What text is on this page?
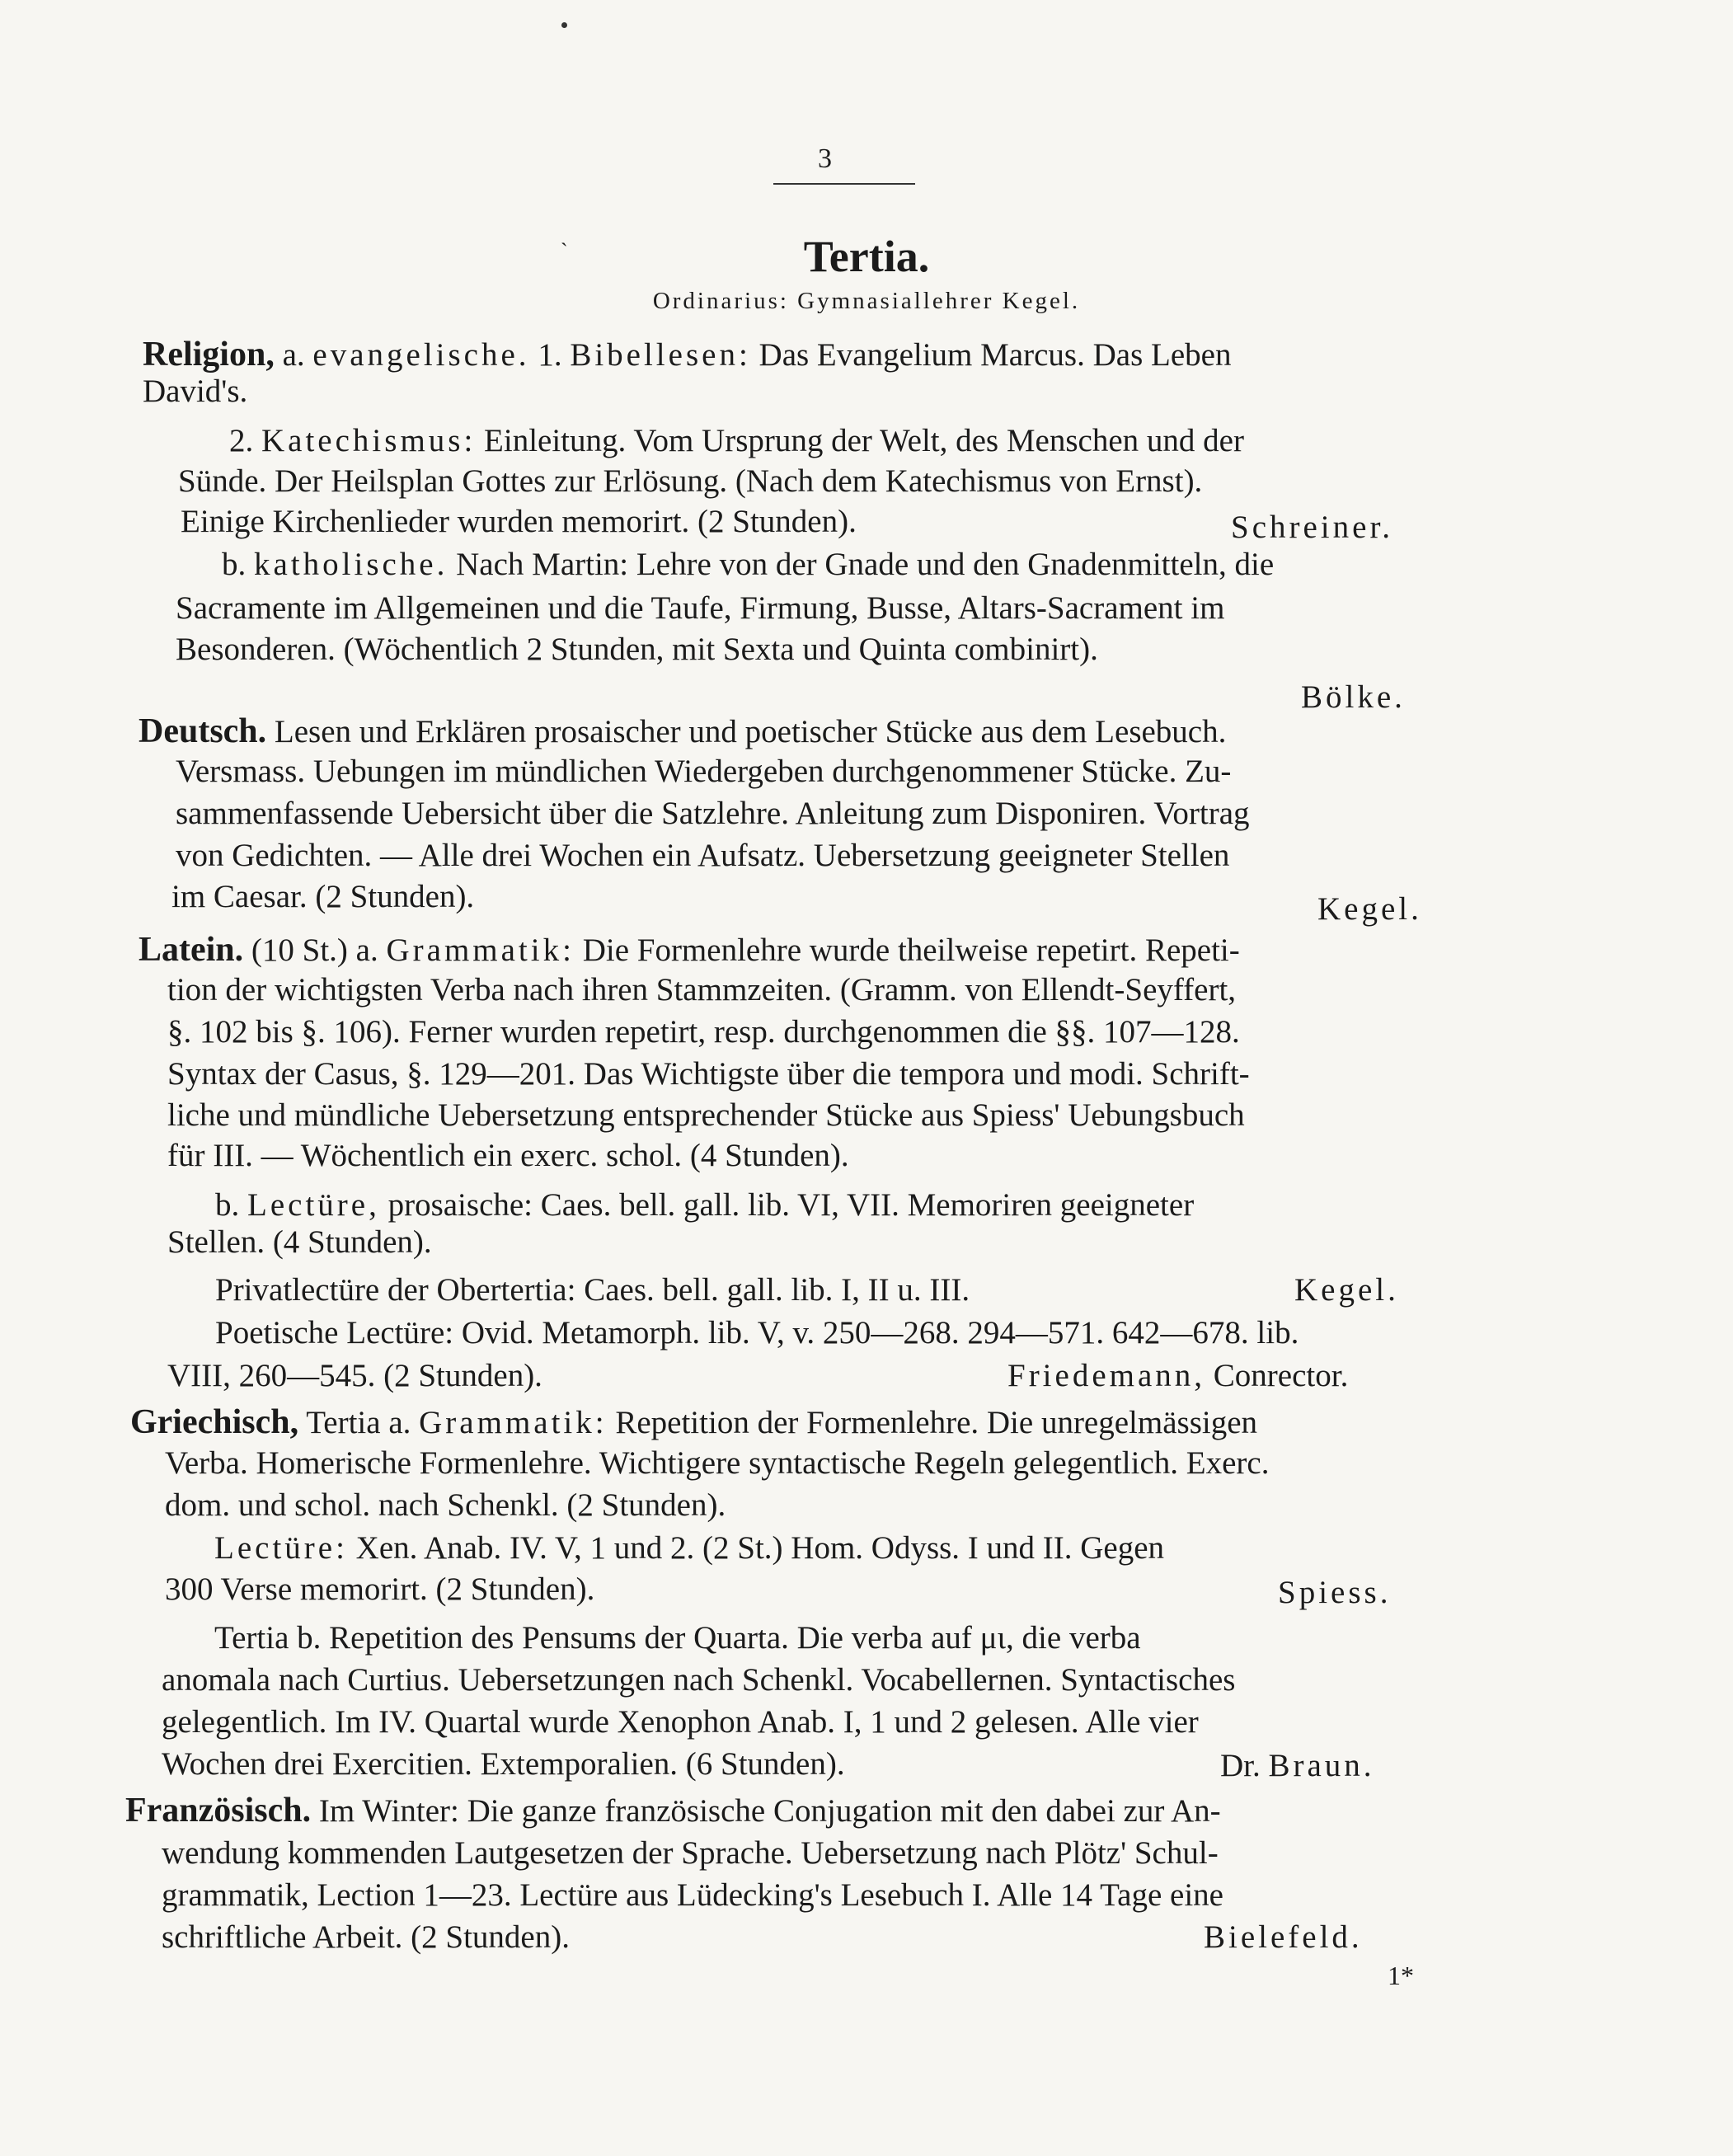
3
`	Tertia.
Ordinarius: Gymnasiallehrer Kegel.
Religion, a. evangelische. 1. Bibellesen: Das Evangelium Marcus. Das Leben
David's.
2. Katechismus: Einleitung. Vom Ursprung der Welt, des Menschen und der
Sünde. Der Heilsplan Gottes zur Erlösung. (Nach dem Katechismus von Ernst).
Einige Kirchenlieder wurden memorirt. (2 Stunden).	Schreiner.
b. katholische. Nach Martin: Lehre von der Gnade und den Gnadenmitteln, die
Sacramente im Allgemeinen und die Taufe, Firmung, Busse, Altars-Sacrament im
Besonderen. (Wöchentlich 2 Stunden, mit Sexta und Quinta combinirt).
Bölke.
Deutsch. Lesen und Erklären prosaischer und poetischer Stücke aus dem Lesebuch.
Versmass. Uebungen im mündlichen Wiedergeben durchgenommener Stücke. Zu-
sammenfassende Uebersicht über die Satzlehre. Anleitung zum Disponiren. Vortrag
von Gedichten. — Alle drei Wochen ein Aufsatz. Uebersetzung geeigneter Stellen
im Caesar. (2 Stunden).	Kegel.
Latein. (10 St.) a. Grammatik: Die Formenlehre wurde theilweise repetirt. Repeti-
tion der wichtigsten Verba nach ihren Stammzeiten. (Gramm. von Ellendt-Seyffert,
§. 102 bis §. 106). Ferner wurden repetirt, resp. durchgenommen die §§. 107—128.
Syntax der Casus, §. 129—201. Das Wichtigste über die tempora und modi. Schrift-
liche und mündliche Uebersetzung entsprechender Stücke aus Spiess' Uebungsbuch
für III. — Wöchentlich ein exerc. schol. (4 Stunden).
b. Lectüre, prosaische: Caes. bell. gall. lib. VI, VII. Memoriren geeigneter
Stellen. (4 Stunden).
Privatlectüre der Obertertia: Caes. bell. gall. lib. I, II u. III.	Kegel.
Poetische Lectüre: Ovid. Metamorph. lib. V, v. 250—268. 294—571. 642—678. lib.
VIII, 260—545. (2 Stunden).	Friedemann, Conrector.
Griechisch, Tertia a. Grammatik: Repetition der Formenlehre. Die unregelmässigen
Verba. Homerische Formenlehre. Wichtigere syntactische Regeln gelegentlich. Exerc.
dom. und schol. nach Schenkl. (2 Stunden).
Lectüre: Xen. Anab. IV. V, 1 und 2. (2 St.) Hom. Odyss. I und II. Gegen
300 Verse memorirt. (2 Stunden).	Spiess.
Tertia b. Repetition des Pensums der Quarta. Die verba auf μι, die verba
anomala nach Curtius. Uebersetzungen nach Schenkl. Vocabellernen. Syntactisches
gelegentlich. Im IV. Quartal wurde Xenophon Anab. I, 1 und 2 gelesen. Alle vier
Wochen drei Exercitien. Extemporalien. (6 Stunden).	Dr. Braun.
Französisch. Im Winter: Die ganze französische Conjugation mit den dabei zur An-
wendung kommenden Lautgesetzen der Sprache. Uebersetzung nach Plötz' Schul-
grammatik, Lection 1—23. Lectüre aus Lüdecking's Lesebuch I. Alle 14 Tage eine
schriftliche Arbeit. (2 Stunden).	Bielefeld.
1*
